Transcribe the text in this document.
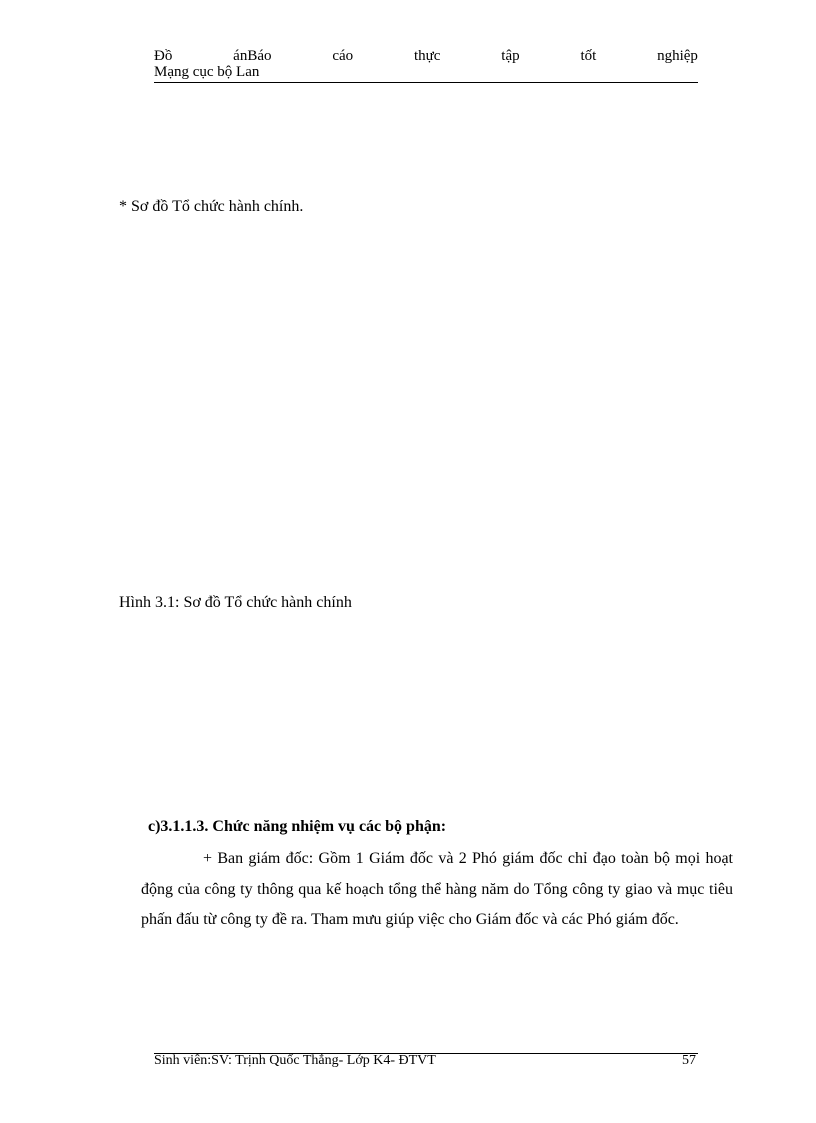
Đồ	ánBáo	cáo	thực	tập	tốt	nghiệp
Mạng cục bộ Lan
* Sơ đồ Tổ chức hành chính.
Hình 3.1: Sơ đồ Tổ chức hành chính
c)3.1.1.3. Chức năng nhiệm vụ các bộ phận:
+ Ban giám đốc: Gồm 1 Giám đốc và 2 Phó giám đốc chỉ đạo toàn bộ mọi hoạt động của công ty thông qua kế hoạch tổng thể hàng năm do Tổng công ty giao và mục tiêu phấn đấu từ công ty đề ra. Tham mưu giúp việc cho Giám đốc và các Phó giám đốc.
Sinh viên:SV: Trịnh Quốc Thắng- Lớp K4- ĐTVT	57
